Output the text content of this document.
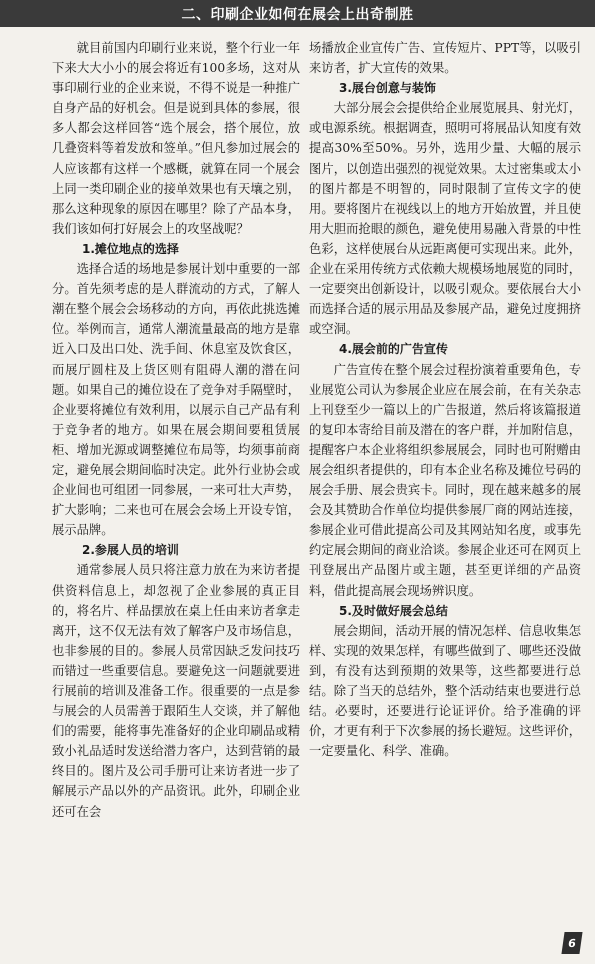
二、印刷企业如何在展会上出奇制胜

就目前国内印刷行业来说，整个行业一年下来大大小小的展会将近有100多场，这对从事印刷行业的企业来说，不得不说是一种推广自身产品的好机会。但是说到具体的参展，很多人都会这样回答“选个展会，搭个展位，放几叠资料等着发放和签单。”但凡参加过展会的人应该都有这样一个感概，就算在同一个展会上同一类印刷企业的接单效果也有天壤之别，那么这种现象的原因在哪里？除了产品本身，我们该如何打好展会上的攻坚战呢？

1.摊位地点的选择

选择合适的场地是参展计划中重要的一部分。首先须考虑的是人群流动的方式，了解人潮在整个展会会场移动的方向，再依此挑选摊位。举例而言，通常人潮流量最高的地方是靠近入口及出口处、洗手间、休息室及饮食区，而展厅圆柱及上货区则有阻碍人潮的潜在问题。如果自己的摊位设在了竞争对手隔壁时，企业要将摊位有效利用，以展示自己产品有利于竞争者的地方。如果在展会期间要租赁展柜、增加光源或调整摊位布局等，均须事前商定，避免展会期间临时决定。此外行业协会或企业间也可组团一同参展，一来可壮大声势，扩大影响；二来也可在展会会场上开设专馆，展示品牌。

2.参展人员的培训

通常参展人员只将注意力放在为来访者提供资料信息上，却忽视了企业参展的真正目的，将名片、样品摆放在桌上任由来访者拿走离开，这不仅无法有效了解客户及市场信息，也非参展的目的。参展人员常因缺乏发问技巧而错过一些重要信息。要避免这一问题就要进行展前的培训及准备工作。很重要的一点是参与展会的人员需善于跟陌生人交谈，并了解他们的需要，能将事先准备好的企业印刷品或精致小礼品适时发送给潜力客户，达到营销的最终目的。图片及公司手册可让来访者进一步了解展示产品以外的产品资讯。此外，印刷企业还可在会

场播放企业宣传广告、宣传短片、PPT等，以吸引来访者，扩大宣传的效果。

3.展台创意与装饰

大部分展会会提供给企业展览展具、射光灯，或电源系统。根据调查，照明可将展品认知度有效提高30%至50%。另外，选用少量、大幅的展示图片，以创造出强烈的视觉效果。太过密集或太小的图片都是不明智的，同时限制了宣传文字的使用。要将图片在视线以上的地方开始放置，并且使用大胆而抢眼的颜色，避免使用易融入背景的中性色彩，这样使展台从远距离便可实现出来。此外，企业在采用传统方式依赖大规模场地展览的同时，一定要突出创新设计，以吸引观众。要依展台大小而选择合适的展示用品及参展产品，避免过度拥挤或空洞。

4.展会前的广告宣传

广告宣传在整个展会过程扮演着重要角色，专业展览公司认为参展企业应在展会前，在有关杂志上刊登至少一篇以上的广告报道，然后将该篇报道的复印本寄给目前及潜在的客户群，并加附信息，提醒客户本企业将组织参展展会，同时也可附赠由展会组织者提供的，印有本企业名称及摊位号码的展会手册、展会贵宾卡。同时，现在越来越多的展会及其赞助合作单位均提供参展厂商的网站连接，参展企业可借此提高公司及其网站知名度，或事先约定展会期间的商业洽谈。参展企业还可在网页上刊登展出产品图片或主题，甚至更详细的产品资料，借此提高展会现场辨识度。

5.及时做好展会总结

展会期间，活动开展的情况怎样、信息收集怎样、实现的效果怎样，有哪些做到了、哪些还没做到，有没有达到预期的效果等，这些都要进行总结。除了当天的总结外，整个活动结束也要进行总结。必要时，还要进行论证评价。给予准确的评价，才更有利于下次参展的扬长避短。这些评价，一定要量化、科学、准确。

6
